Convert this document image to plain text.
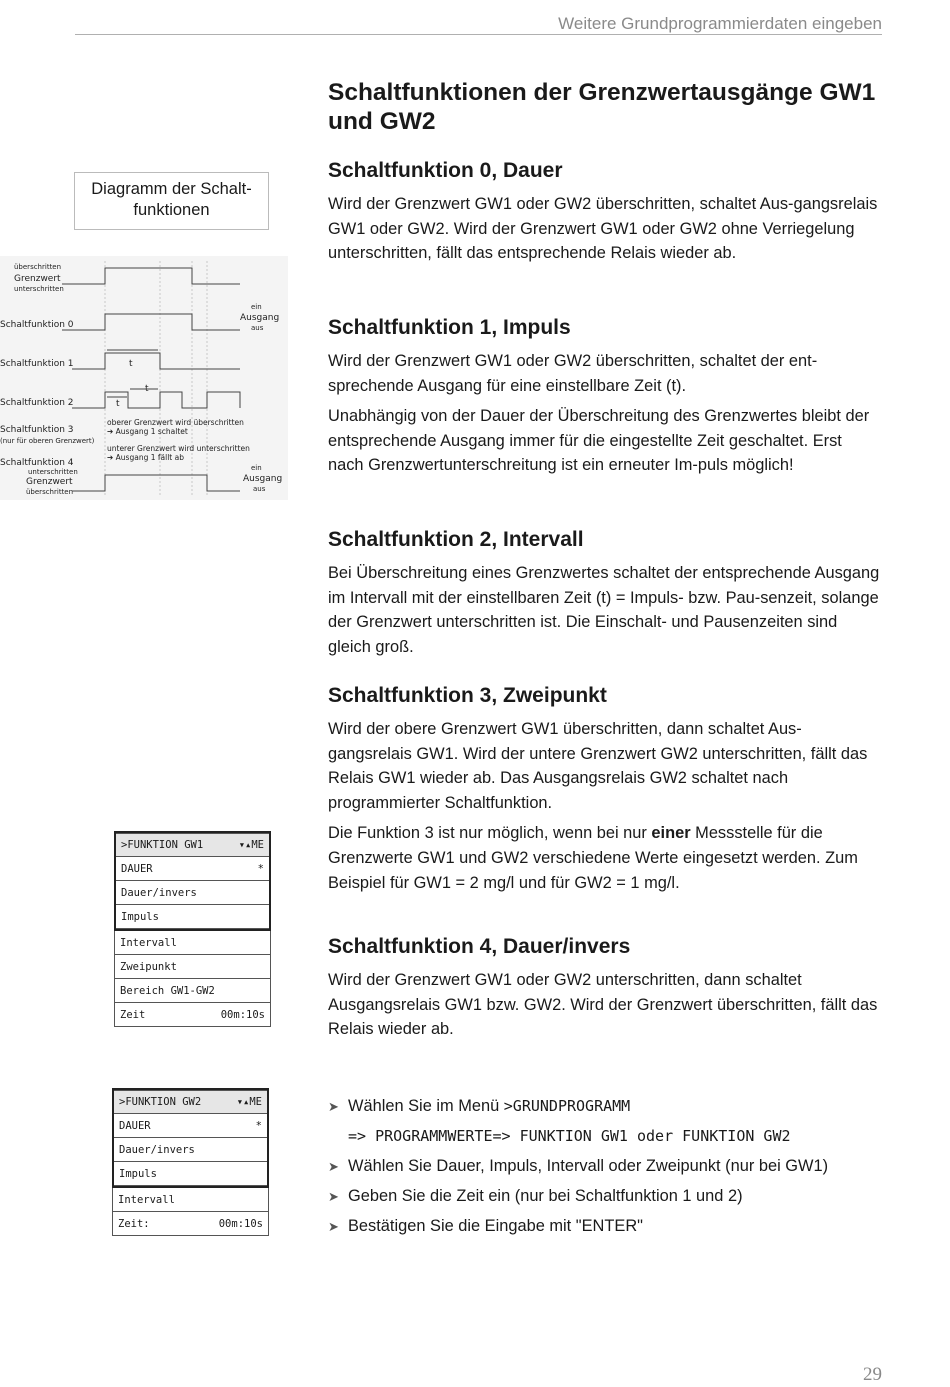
Weitere Grundprogrammierdaten eingeben
Schaltfunktionen der Grenzwertausgänge GW1 und GW2
Diagramm der Schalt-funktionen
überschritten
Grenzwert
unterschritten
Schaltfunktion 0
Schaltfunktion 1
Schaltfunktion 2
Schaltfunktion 3
(nur für oberen Grenzwert)
Schaltfunktion 4
unterschritten
Grenzwert
überschritten
ein
Ausgang
aus
ein
Ausgang
aus
t
t
t
oberer Grenzwert wird überschritten
➔ Ausgang 1 schaltet
unterer Grenzwert wird unterschritten
➔ Ausgang 1 fällt ab
Schaltfunktion 0, Dauer

Wird der Grenzwert GW1 oder GW2 überschritten, schaltet Aus-gangsrelais GW1 oder GW2. Wird der Grenzwert GW1 oder GW2 ohne Verriegelung unterschritten, fällt das entsprechende Relais wieder ab.

Schaltfunktion 1, Impuls

Wird der Grenzwert GW1 oder GW2 überschritten, schaltet der ent-sprechende Ausgang für eine einstellbare Zeit (t).

Unabhängig von der Dauer der Überschreitung des Grenzwertes bleibt der entsprechende Ausgang immer für die eingestellte Zeit geschaltet. Erst nach Grenzwertunterschreitung ist ein erneuter Im-puls möglich!

Schaltfunktion 2, Intervall

Bei Überschreitung eines Grenzwertes schaltet der entsprechende Ausgang im Intervall mit der einstellbaren Zeit (t) = Impuls- bzw. Pau-senzeit, solange der Grenzwert unterschritten ist. Die Einschalt- und Pausenzeiten sind gleich groß.

Schaltfunktion 3, Zweipunkt

Wird der obere Grenzwert GW1 überschritten, dann schaltet Aus-gangsrelais GW1. Wird der untere Grenzwert GW2 unterschritten, fällt das Relais GW1 wieder ab. Das Ausgangsrelais GW2 schaltet nach programmierter Schaltfunktion.

Die Funktion 3 ist nur möglich, wenn bei nur einer Messstelle für die Grenzwerte GW1 und GW2 verschiedene Werte eingesetzt werden. Zum Beispiel für GW1 = 2 mg/l und für GW2 = 1 mg/l.

Schaltfunktion 4, Dauer/invers

Wird der Grenzwert GW1 oder GW2 unterschritten, dann schaltet Ausgangsrelais GW1 bzw. GW2. Wird der Grenzwert überschritten, fällt das Relais wieder ab.

>FUNKTION GW1	▾▴ME
DAUER	*
Dauer/invers
Impuls
Intervall
Zweipunkt
Bereich GW1-GW2
Zeit	00m:10s
>FUNKTION GW2	▾▴ME
DAUER	*
Dauer/invers
Impuls
Intervall
Zeit:	00m:10s
➤ Wählen Sie im Menü >GRUNDPROGRAMM
=> PROGRAMMWERTE=> FUNKTION GW1 oder FUNKTION GW2
➤ Wählen Sie Dauer, Impuls, Intervall oder Zweipunkt (nur bei GW1)
➤ Geben Sie die Zeit ein (nur bei Schaltfunktion 1 und 2)
➤ Bestätigen Sie die Eingabe mit "ENTER"
29
